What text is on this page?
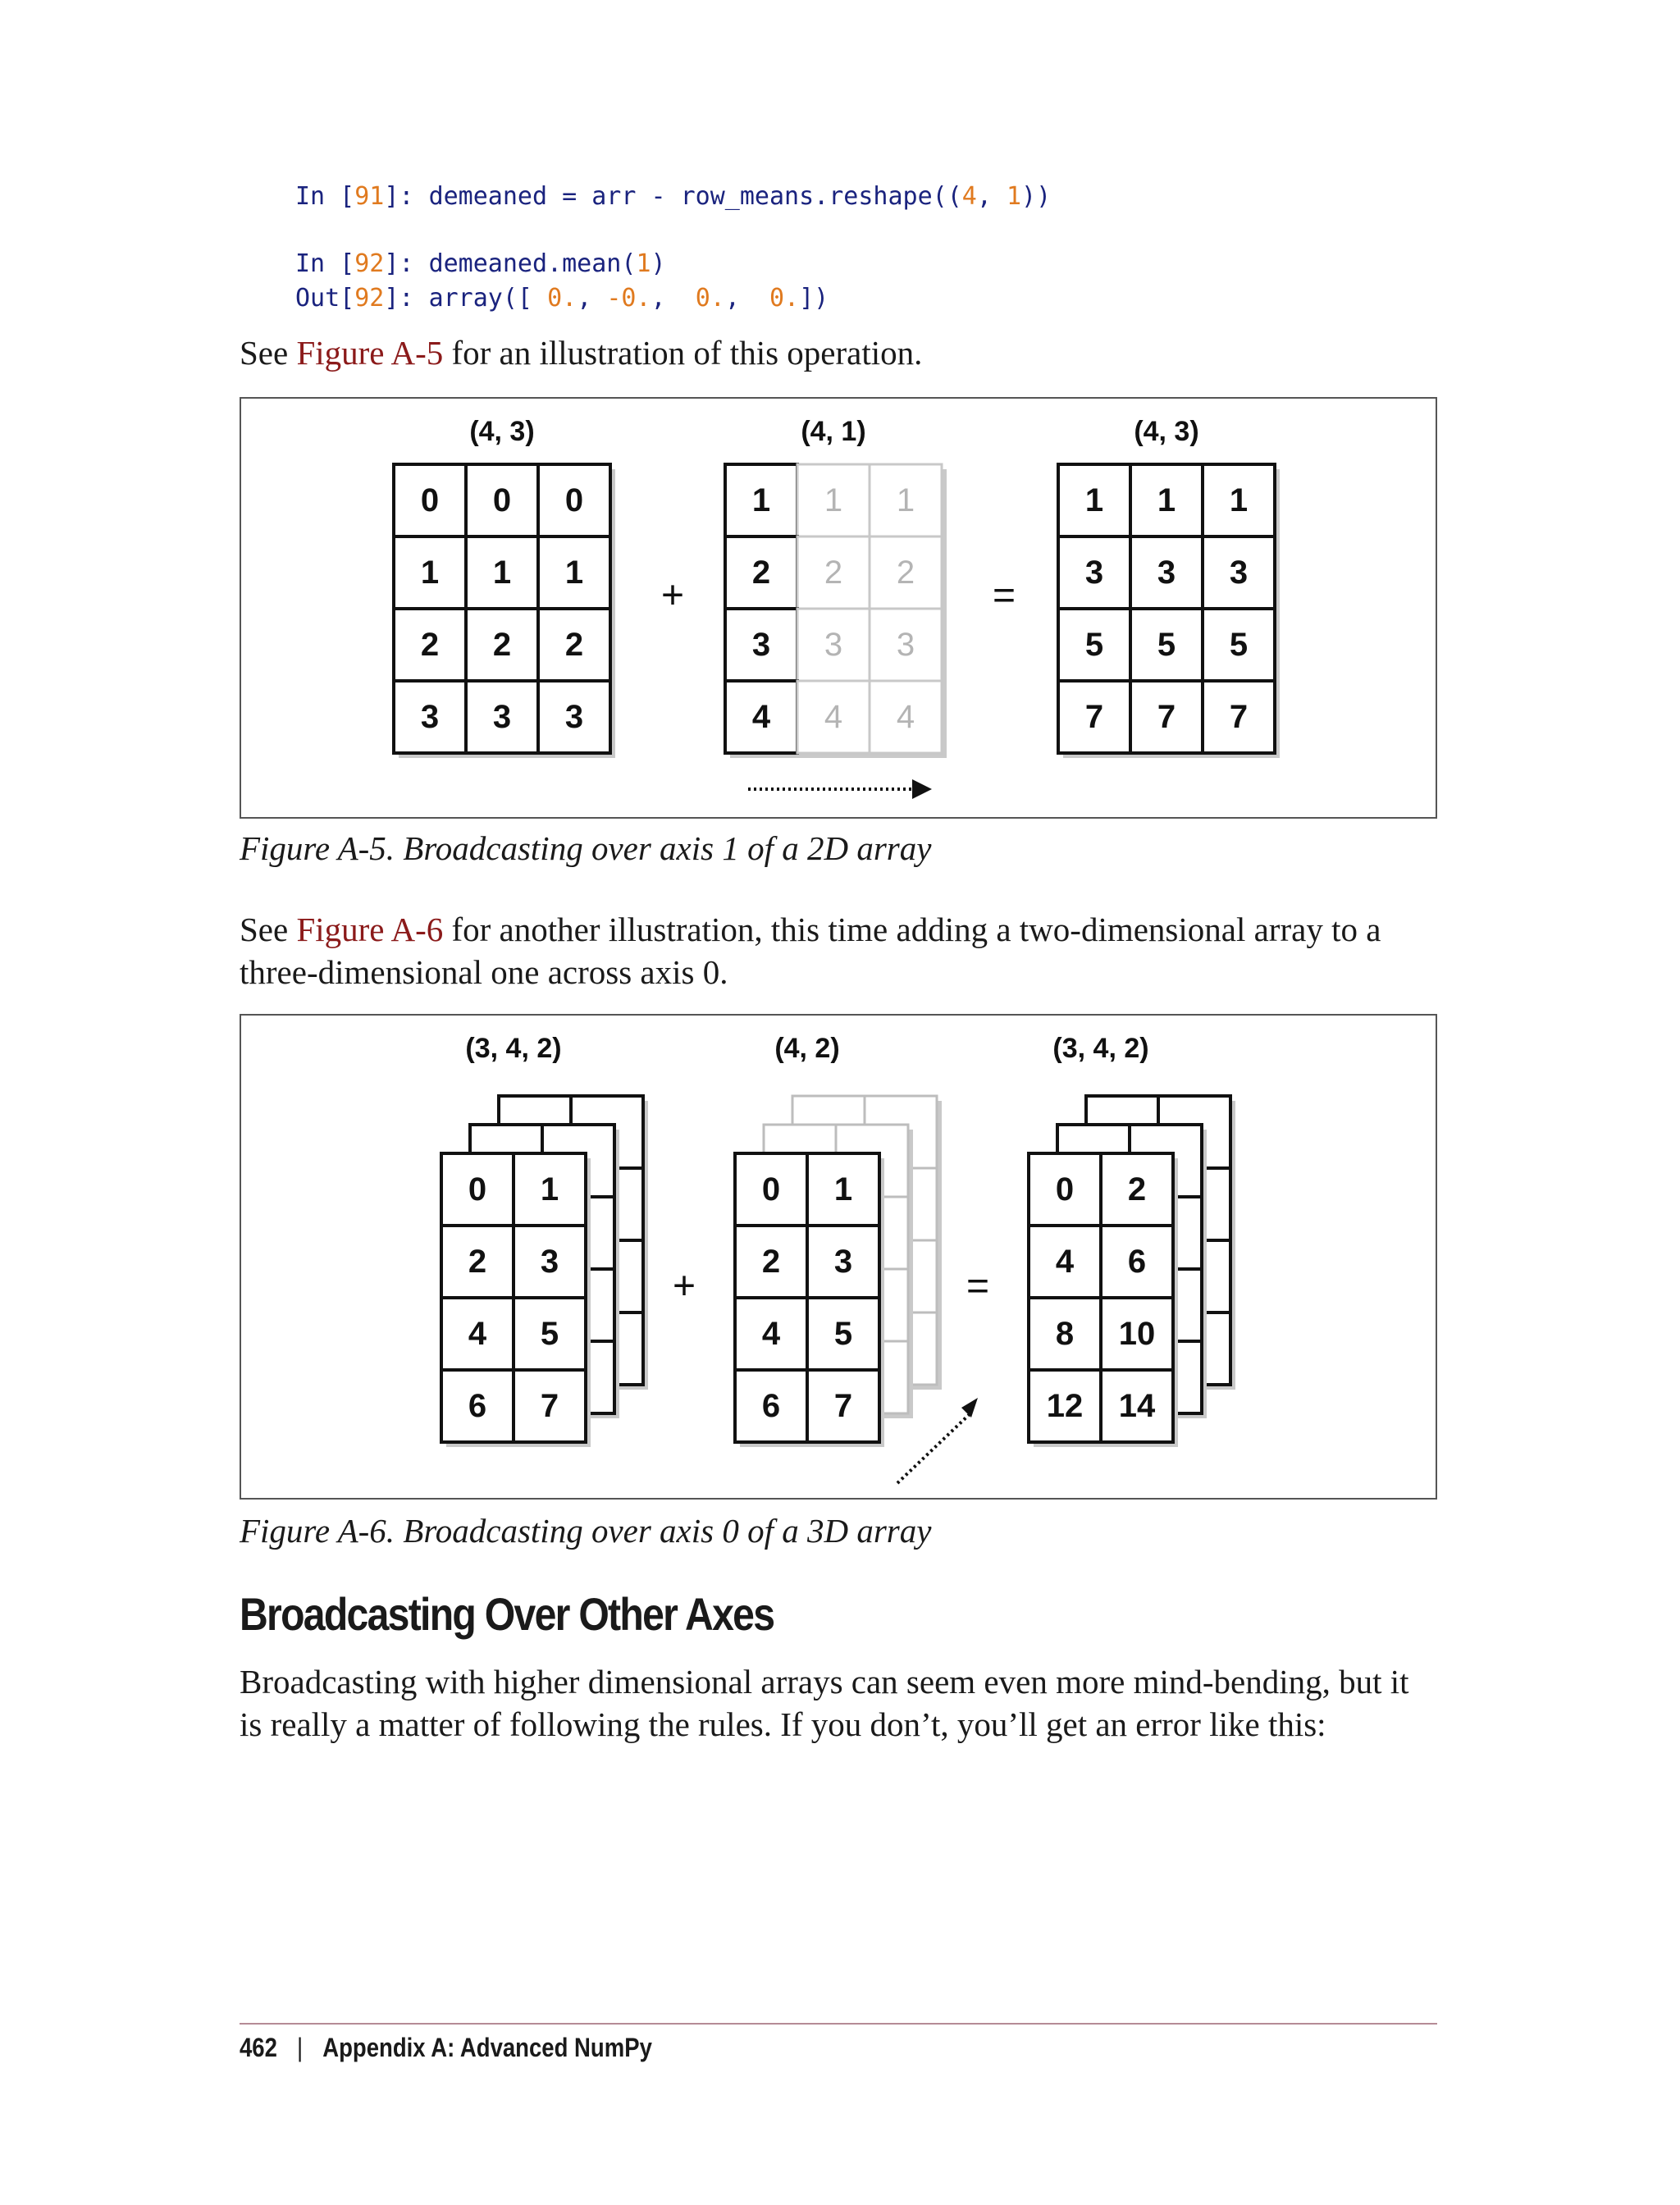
In [91]: demeaned = arr - row_means.reshape((4, 1))
In [92]: demeaned.mean(1)
Out[92]: array([ 0., -0.,  0.,  0.])
See Figure A-5 for an illustration of this operation.
(4, 3)	(4, 1)	(4, 3)
0 0 0
1 1 1
2 2 2
3 3 3
1 1 1
2 2 2
3 3 3
4 4 4
1 1 1
3 3 3
5 5 5
7 7 7
+	=
Figure A-5. Broadcasting over axis 1 of a 2D array
See Figure A-6 for another illustration, this time adding a two-dimensional array to a three-dimensional one across axis 0.
(3, 4, 2)	(4, 2)	(3, 4, 2)
0 1
2 3
4 5
6 7
0 1
2 3
4 5
6 7
0 2
4 6
8 10
12 14
+	=
Figure A-6. Broadcasting over axis 0 of a 3D array
Broadcasting Over Other Axes
Broadcasting with higher dimensional arrays can seem even more mind-bending, but it is really a matter of following the rules. If you don’t, you’ll get an error like this:
462 | Appendix A: Advanced NumPy
